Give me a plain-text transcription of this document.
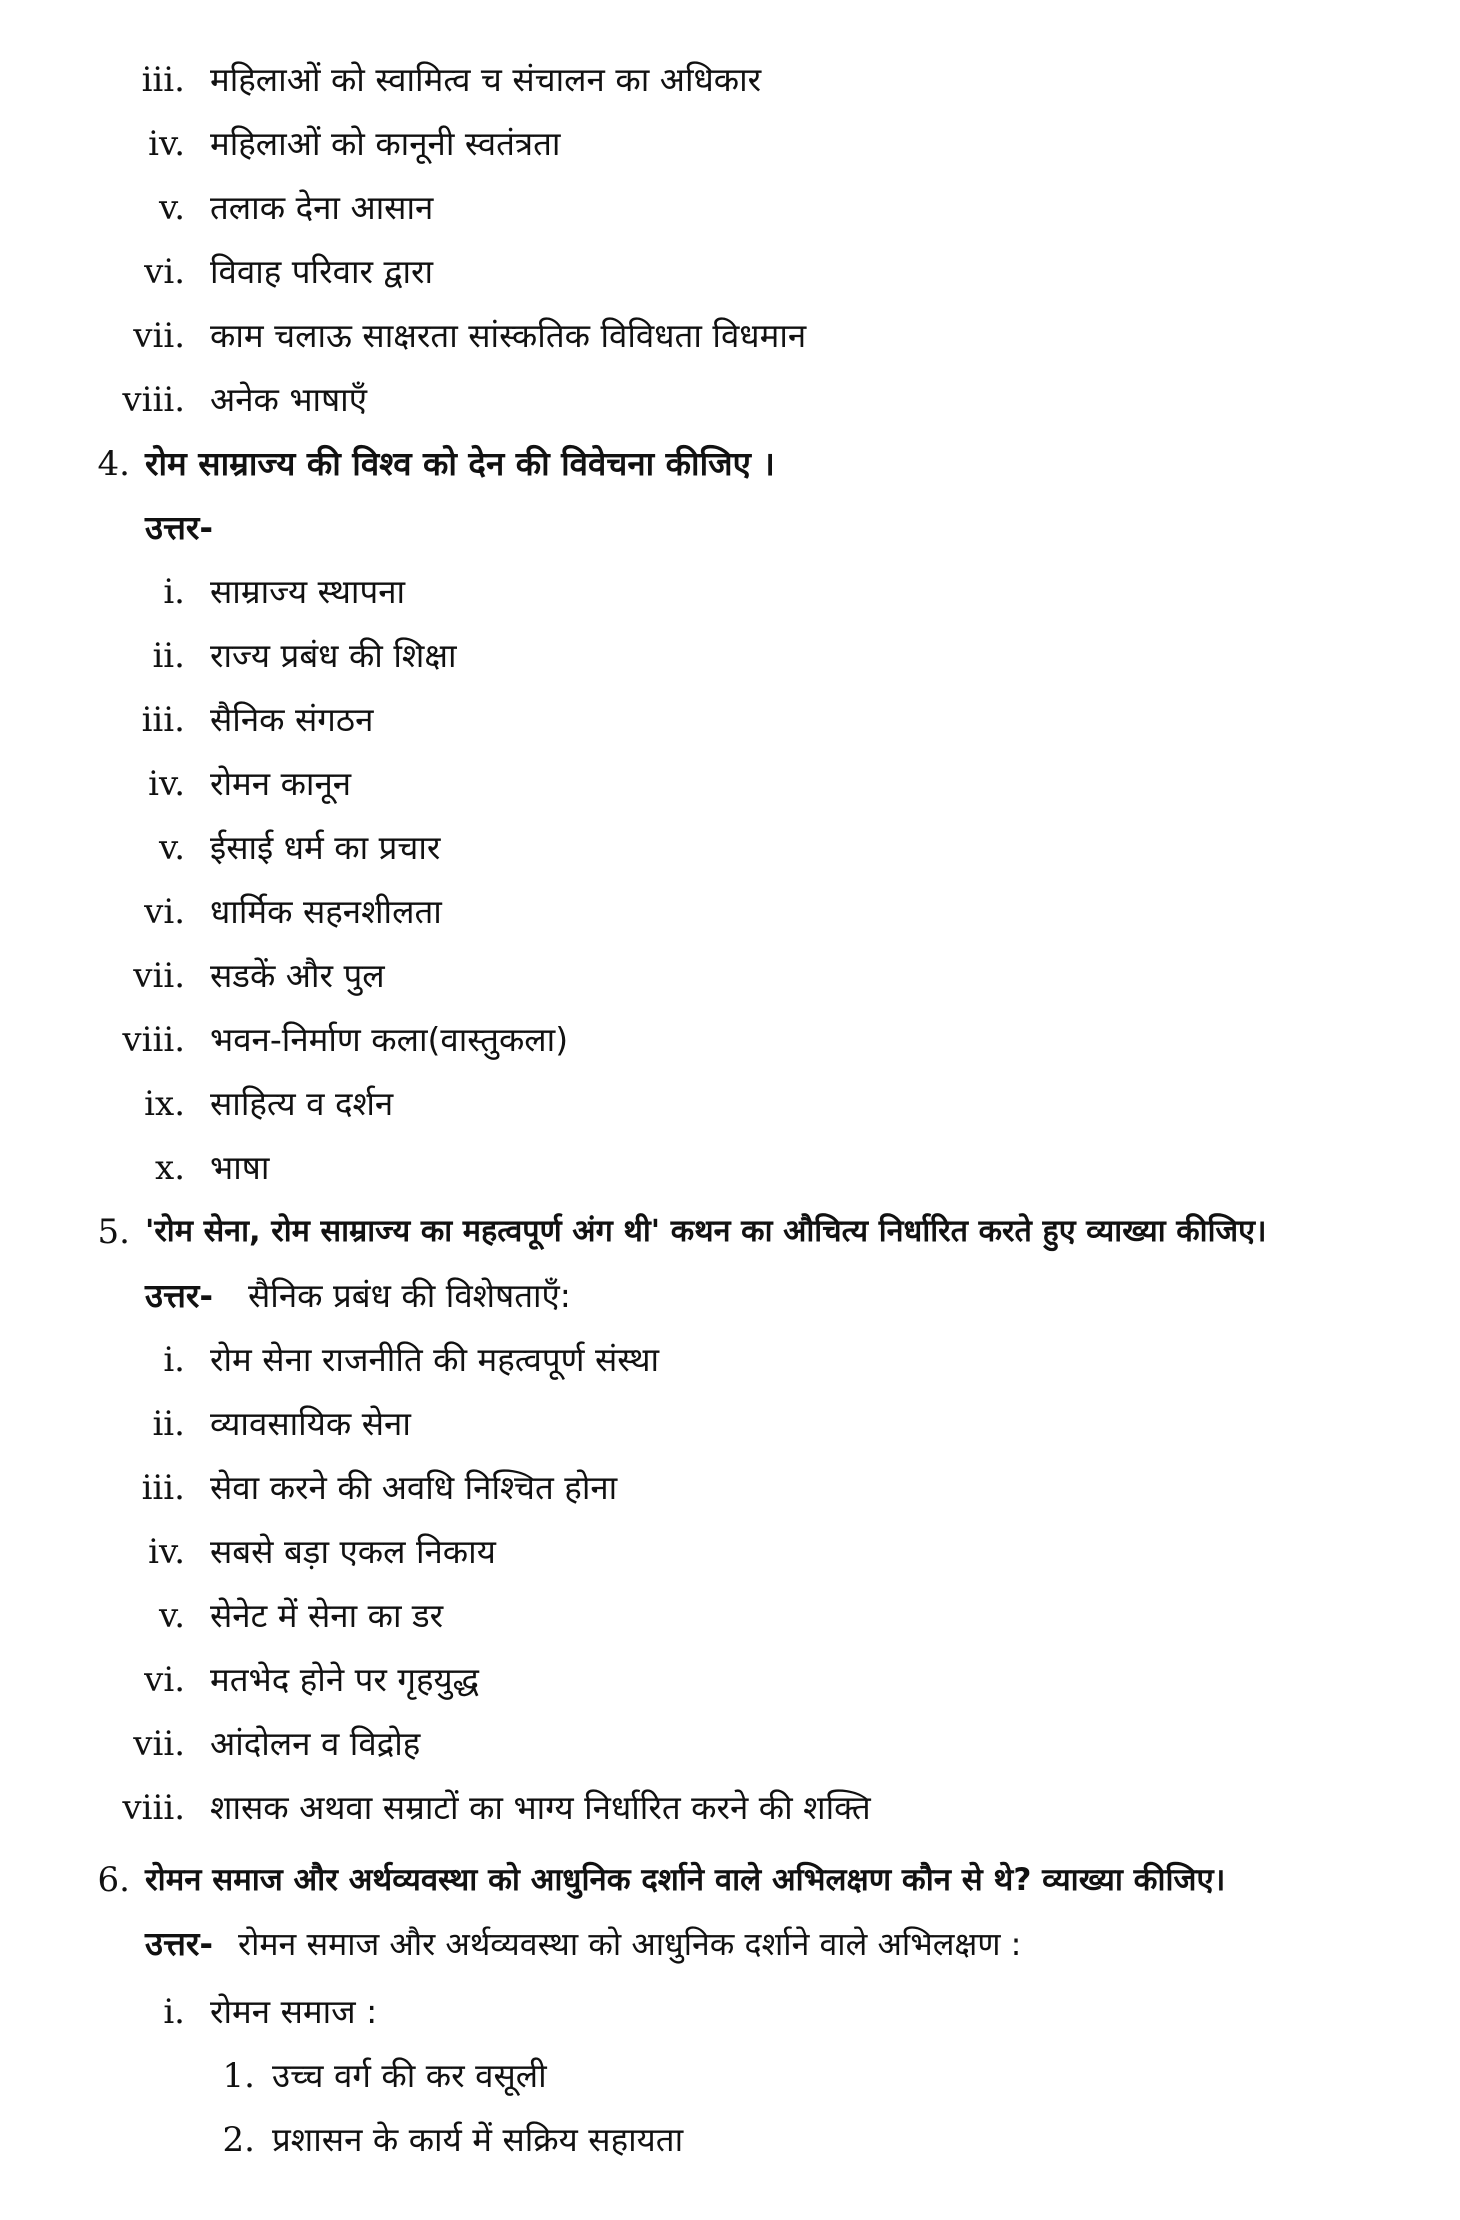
iii. महिलाओं को स्वामित्व च संचालन का अधिकार
iv. महिलाओं को कानूनी स्वतंत्रता
v. तलाक देना आसान
vi. विवाह परिवार द्वारा
vii. काम चलाऊ साक्षरता सांस्कतिक विविधता विधमान
viii. अनेक भाषाएँ
4. रोम साम्राज्य की विश्व को देन की विवेचना कीजिए ।
उत्तर-
i. साम्राज्य स्थापना
ii. राज्य प्रबंध की शिक्षा
iii. सैनिक संगठन
iv. रोमन कानून
v. ईसाई धर्म का प्रचार
vi. धार्मिक सहनशीलता
vii. सडकें और पुल
viii. भवन-निर्माण कला(वास्तुकला)
ix. साहित्य व दर्शन
x. भाषा
5. 'रोम सेना, रोम साम्राज्य का महत्वपूर्ण अंग थी' कथन का औचित्य निर्धारित करते हुए व्याख्या कीजिए।
उत्तर- सैनिक प्रबंध की विशेषताएँ:
i. रोम सेना राजनीति की महत्वपूर्ण संस्था
ii. व्यावसायिक सेना
iii. सेवा करने की अवधि निश्चित होना
iv. सबसे बड़ा एकल निकाय
v. सेनेट में सेना का डर
vi. मतभेद होने पर गृहयुद्ध
vii. आंदोलन व विद्रोह
viii. शासक अथवा सम्राटों का भाग्य निर्धारित करने की शक्ति
6. रोमन समाज और अर्थव्यवस्था को आधुनिक दर्शाने वाले अभिलक्षण कौन से थे? व्याख्या कीजिए।
उत्तर- रोमन समाज और अर्थव्यवस्था को आधुनिक दर्शाने वाले अभिलक्षण :
i. रोमन समाज :
1. उच्च वर्ग की कर वसूली
2. प्रशासन के कार्य में सक्रिय सहायता
